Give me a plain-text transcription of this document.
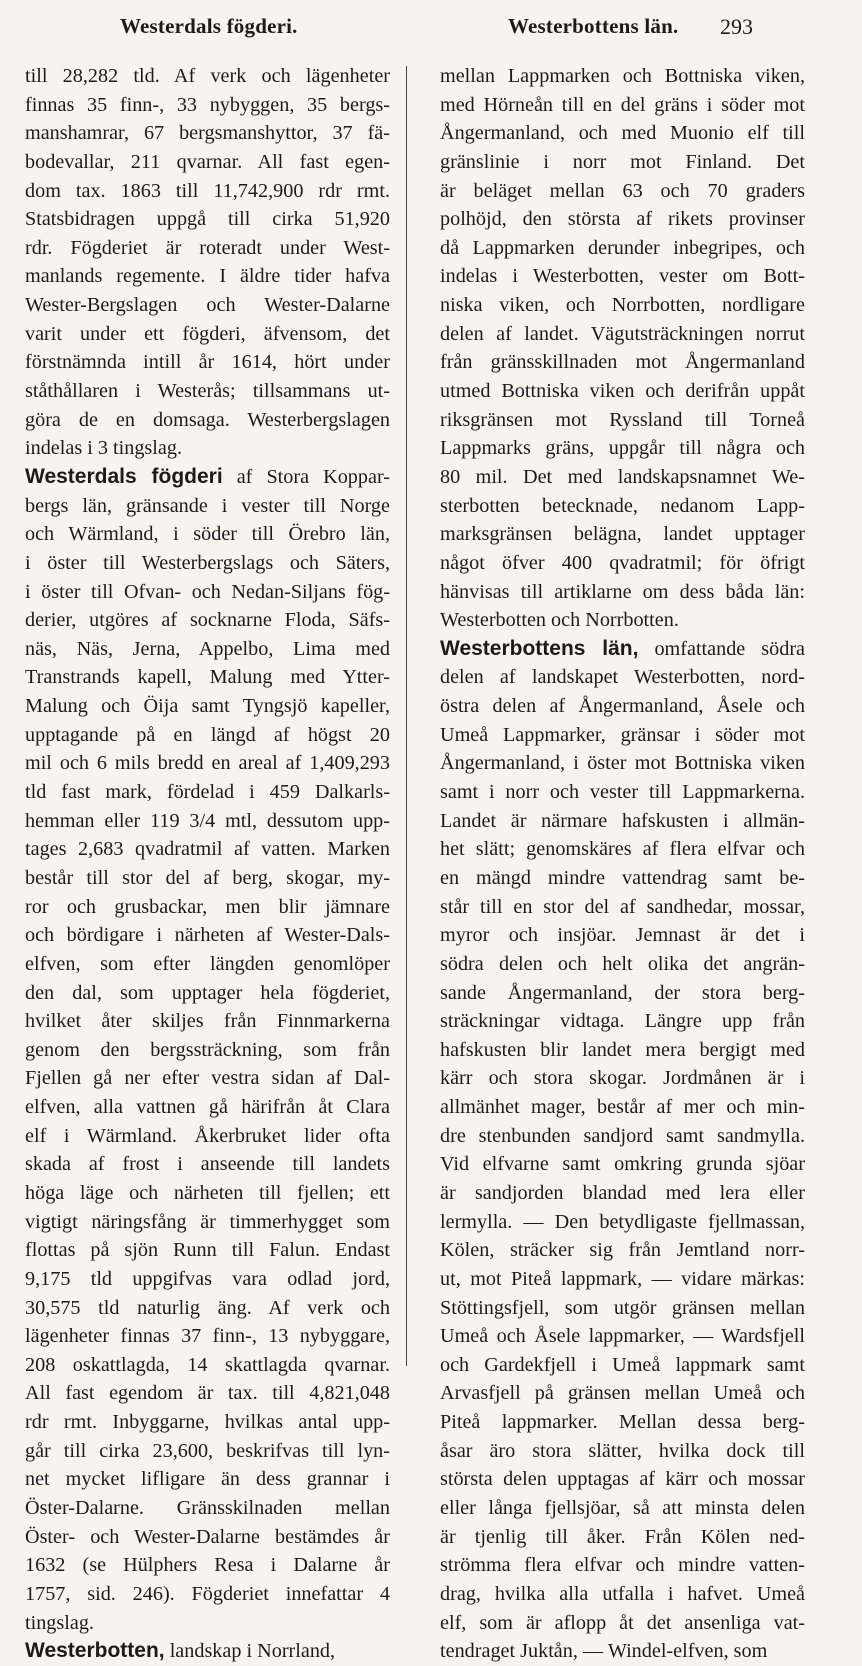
Westerdals fögderi.	Westerbottens län. 293
till 28,282 tld. Af verk och lägenheter
finnas 35 finn-, 33 nybyggen, 35 bergs-
manshamrar, 67 bergsmanshyttor, 37 fä-
bodevallar, 211 qvarnar. All fast egen-
dom tax. 1863 till 11,742,900 rdr rmt.
Statsbidragen uppgå till cirka 51,920
rdr. Fögderiet är roteradt under West-
manlands regemente. I äldre tider hafva
Wester-Bergslagen och Wester-Dalarne
varit under ett fögderi, äfvensom, det
förstnämnda intill år 1614, hört under
ståthållaren i Westerås; tillsammans ut-
göra de en domsaga. Westerbergslagen
indelas i 3 tingslag.
Westerdals fögderi af Stora Koppar-
bergs län, gränsande i vester till Norge
och Wärmland, i söder till Örebro län,
i öster till Westerbergslags och Säters,
i öster till Ofvan- och Nedan-Siljans fög-
derier, utgöres af socknarne Floda, Säfs-
näs, Näs, Jerna, Appelbo, Lima med
Transtrands kapell, Malung med Ytter-
Malung och Öija samt Tyngsjö kapeller,
upptagande på en längd af högst 20
mil och 6 mils bredd en areal af 1,409,293
tld fast mark, fördelad i 459 Dalkarls-
hemman eller 119 3/4 mtl, dessutom upp-
tages 2,683 qvadratmil af vatten. Marken
består till stor del af berg, skogar, my-
ror och grusbackar, men blir jämnare
och bördigare i närheten af Wester-Dals-
elfven, som efter längden genomlöper
den dal, som upptager hela fögderiet,
hvilket åter skiljes från Finnmarkerna
genom den bergssträckning, som från
Fjellen gå ner efter vestra sidan af Dal-
elfven, alla vattnen gå härifrån åt Clara
elf i Wärmland. Åkerbruket lider ofta
skada af frost i anseende till landets
höga läge och närheten till fjellen; ett
vigtigt näringsfång är timmerhygget som
flottas på sjön Runn till Falun. Endast
9,175 tld uppgifvas vara odlad jord,
30,575 tld naturlig äng. Af verk och
lägenheter finnas 37 finn-, 13 nybyggare,
208 oskattlagda, 14 skattlagda qvarnar.
All fast egendom är tax. till 4,821,048
rdr rmt. Inbyggarne, hvilkas antal upp-
går till cirka 23,600, beskrifvas till lyn-
net mycket lifligare än dess grannar i
Öster-Dalarne. Gränsskilnaden mellan
Öster- och Wester-Dalarne bestämdes år
1632 (se Hülphers Resa i Dalarne år
1757, sid. 246). Fögderiet innefattar 4
tingslag.
Westerbotten, landskap i Norrland,
mellan Lappmarken och Bottniska viken,
med Hörneån till en del gräns i söder mot
Ångermanland, och med Muonio elf till
gränslinie i norr mot Finland. Det
är beläget mellan 63 och 70 graders
polhöjd, den största af rikets provinser
då Lappmarken derunder inbegripes, och
indelas i Westerbotten, vester om Bott-
niska viken, och Norrbotten, nordligare
delen af landet. Vägutsträckningen norrut
från gränsskillnaden mot Ångermanland
utmed Bottniska viken och derifrån uppåt
riksgränsen mot Ryssland till Torneå
Lappmarks gräns, uppgår till några och
80 mil. Det med landskapsnamnet We-
sterbotten betecknade, nedanom Lapp-
marksgränsen belägna, landet upptager
något öfver 400 qvadratmil; för öfrigt
hänvisas till artiklarne om dess båda län:
Westerbotten och Norrbotten.
Westerbottens län, omfattande södra
delen af landskapet Westerbotten, nord-
östra delen af Ångermanland, Åsele och
Umeå Lappmarker, gränsar i söder mot
Ångermanland, i öster mot Bottniska viken
samt i norr och vester till Lappmarkerna.
Landet är närmare hafskusten i allmän-
het slätt; genomskäres af flera elfvar och
en mängd mindre vattendrag samt be-
står till en stor del af sandhedar, mossar,
myror och insjöar. Jemnast är det i
södra delen och helt olika det angrän-
sande Ångermanland, der stora berg-
sträckningar vidtaga. Längre upp från
hafskusten blir landet mera bergigt med
kärr och stora skogar. Jordmånen är i
allmänhet mager, består af mer och min-
dre stenbunden sandjord samt sandmylla.
Vid elfvarne samt omkring grunda sjöar
är sandjorden blandad med lera eller
lermylla. — Den betydligaste fjellmassan,
Kölen, sträcker sig från Jemtland norr-
ut, mot Piteå lappmark, — vidare märkas:
Stöttingsfjell, som utgör gränsen mellan
Umeå och Åsele lappmarker, — Wardsfjell
och Gardekfjell i Umeå lappmark samt
Arvasfjell på gränsen mellan Umeå och
Piteå lappmarker. Mellan dessa berg-
åsar äro stora slätter, hvilka dock till
största delen upptagas af kärr och mossar
eller långa fjellsjöar, så att minsta delen
är tjenlig till åker. Från Kölen ned-
strömma flera elfvar och mindre vatten-
drag, hvilka alla utfalla i hafvet. Umeå
elf, som är aflopp åt det ansenliga vat-
tendraget Juktån, — Windel-elfven, som
